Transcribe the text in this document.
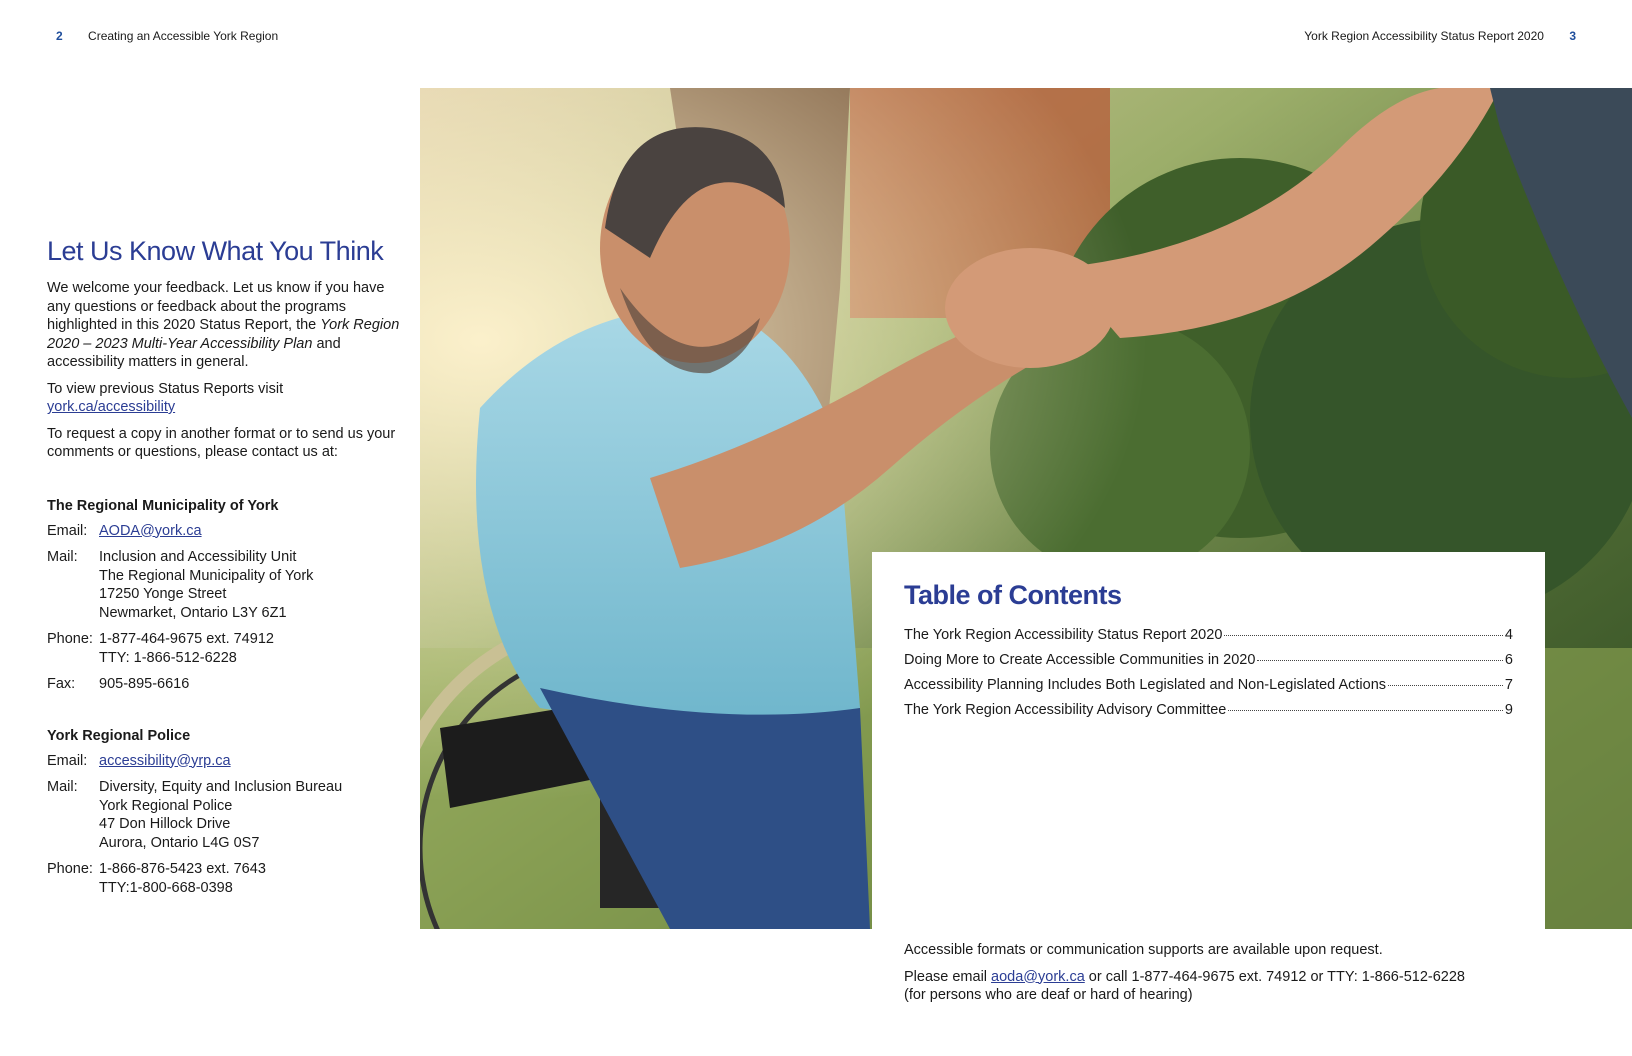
2 Creating an Accessible York Region	York Region Accessibility Status Report 2020 3
Let Us Know What You Think

We welcome your feedback. Let us know if you have any questions or feedback about the programs highlighted in this 2020 Status Report, the York Region 2020 – 2023 Multi-Year Accessibility Plan and accessibility matters in general.

To view previous Status Reports visit
york.ca/accessibility

To request a copy in another format or to send us your comments or questions, please contact us at:

The Regional Municipality of York
Email: AODA@york.ca
Mail:	Inclusion and Accessibility Unit
The Regional Municipality of York
17250 Yonge Street
Newmarket, Ontario L3Y 6Z1
Phone: 1-877-464-9675 ext. 74912
TTY: 1-866-512-6228
Fax:	905-895-6616
York Regional Police
Email: accessibility@yrp.ca
Mail:	Diversity, Equity and Inclusion Bureau
York Regional Police
47 Don Hillock Drive
Aurora, Ontario L4G 0S7
Phone: 1-866-876-5423 ext. 7643
TTY:1-800-668-0398
Table of Contents
The York Region Accessibility Status Report 2020	4
Doing More to Create Accessible Communities in 2020	6
Accessibility Planning Includes Both Legislated and Non-Legislated Actions	7
The York Region Accessibility Advisory Committee	9

Accessible formats or communication supports are available upon request.

Please email aoda@york.ca or call 1-877-464-9675 ext. 74912 or TTY: 1-866-512-6228
(for persons who are deaf or hard of hearing)
